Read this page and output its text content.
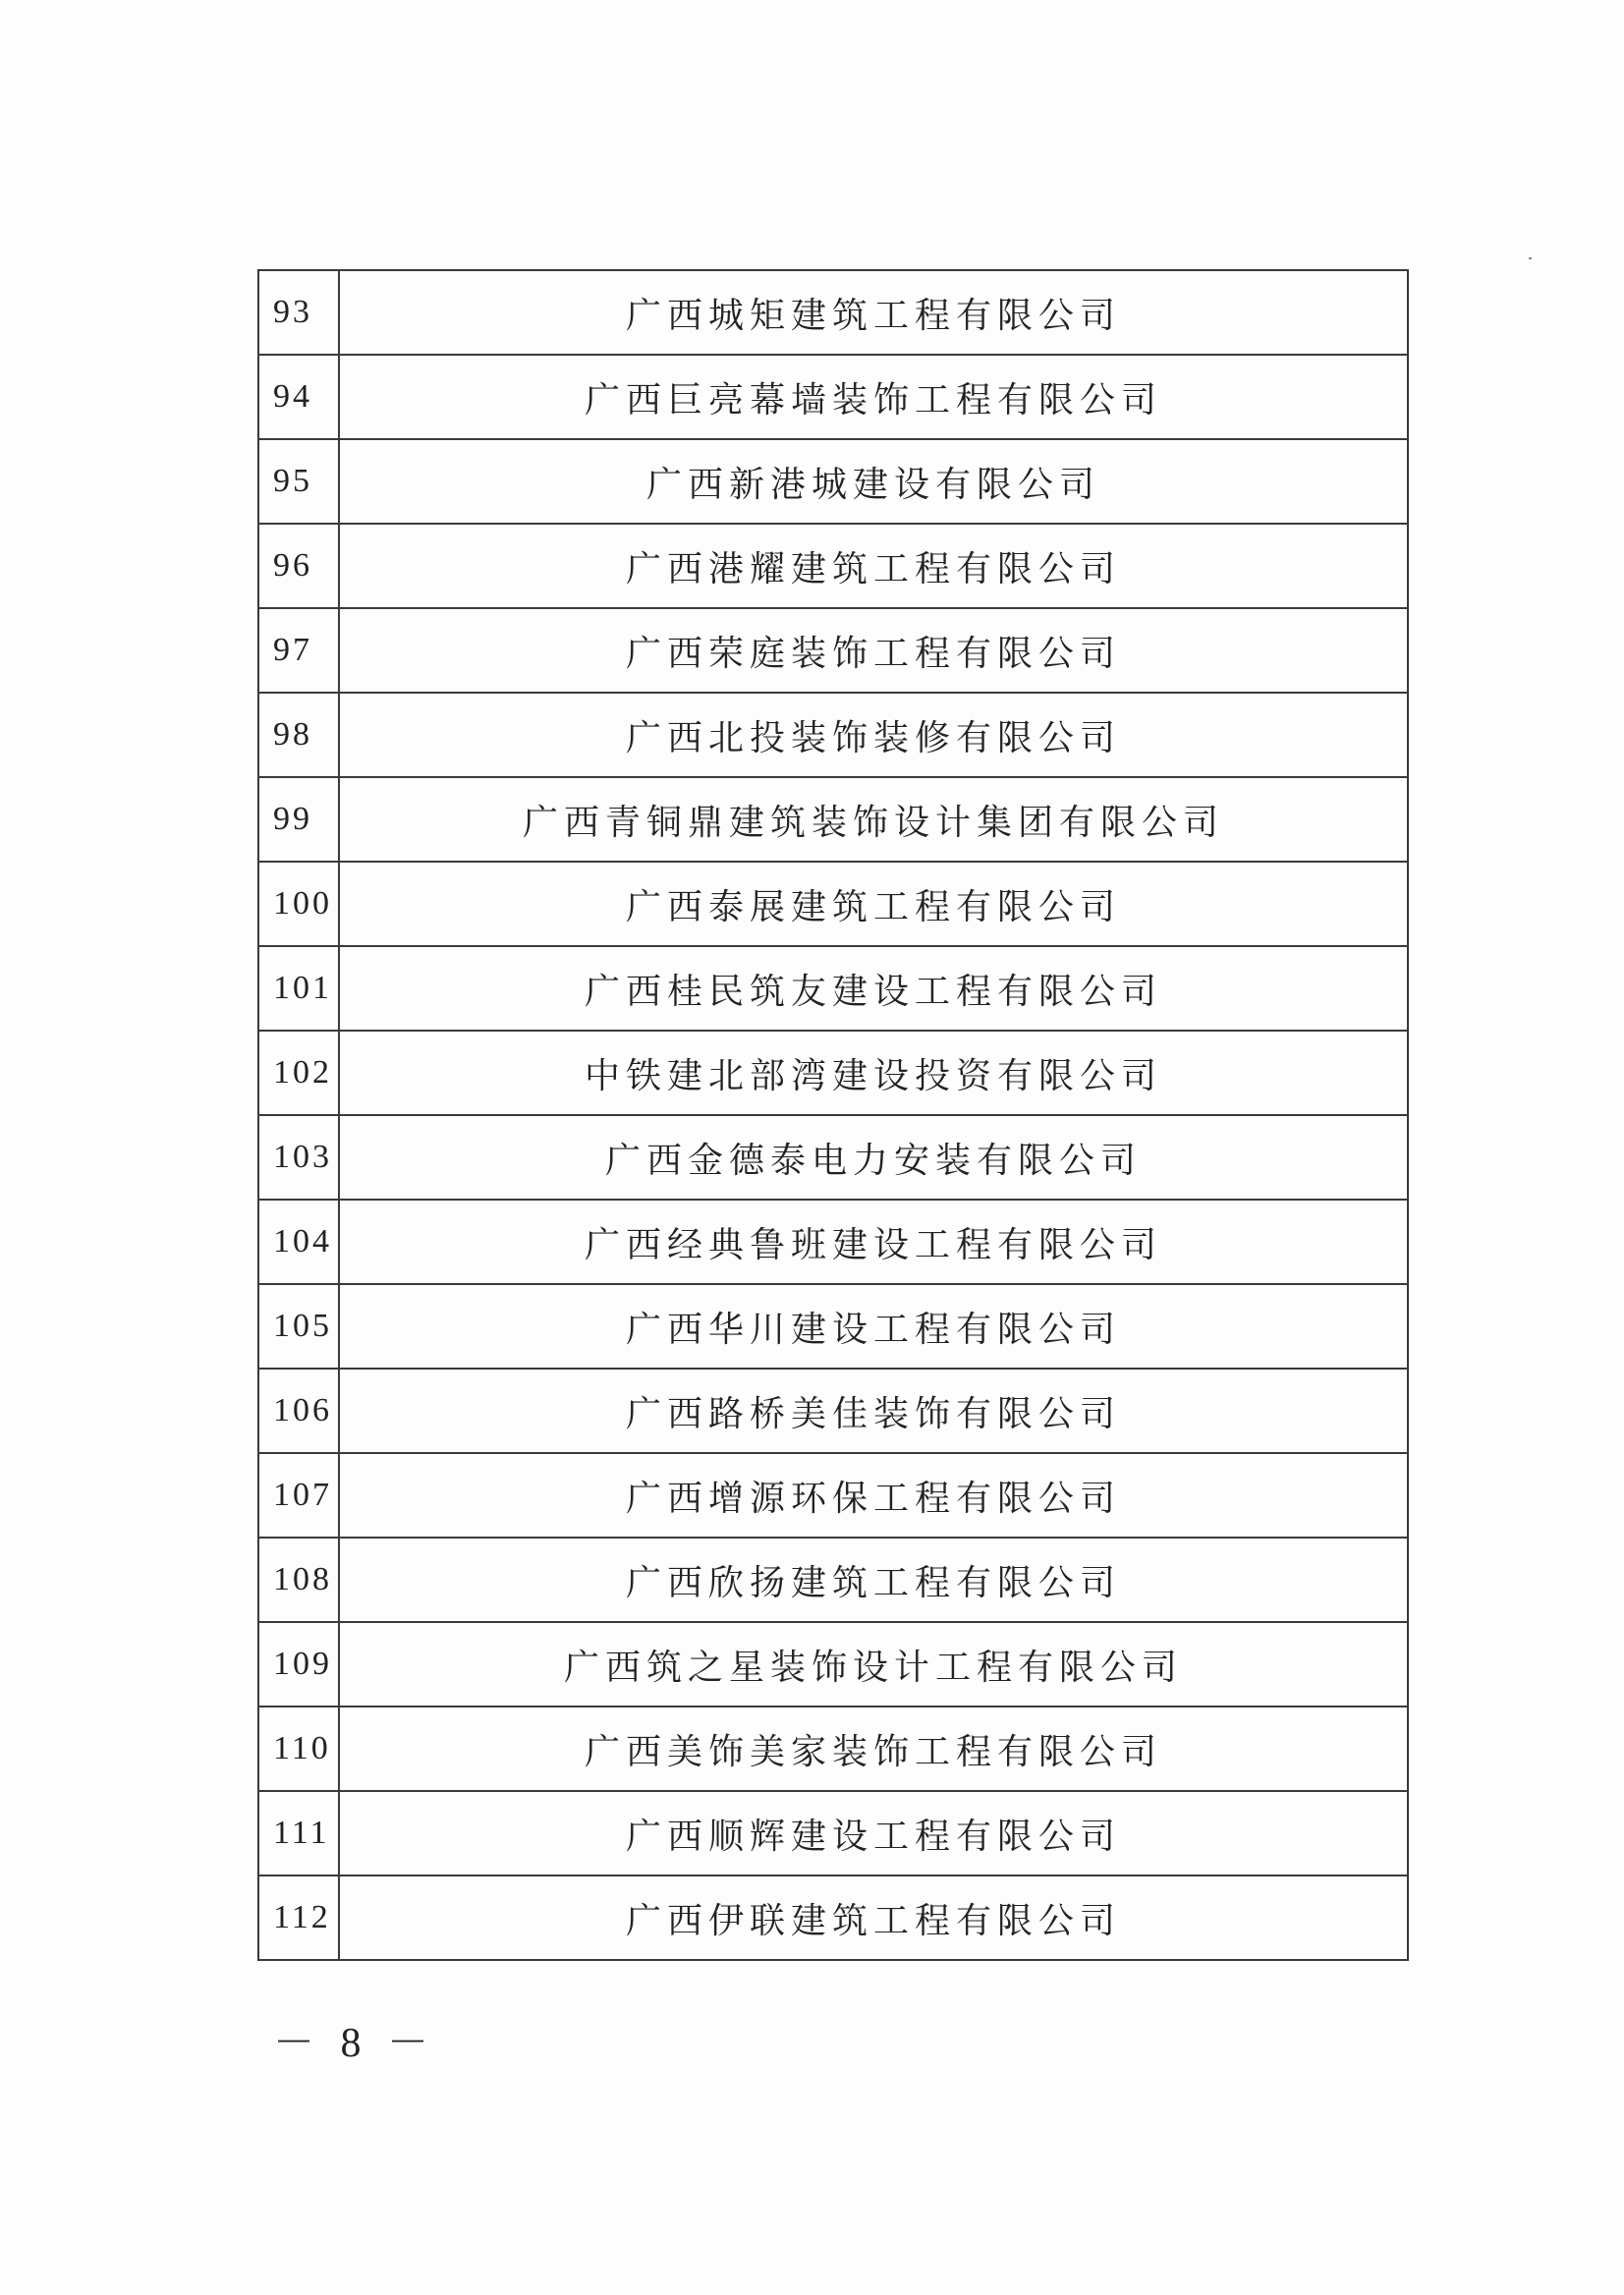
93	广西城矩建筑工程有限公司
94	广西巨亮幕墙装饰工程有限公司
95	广西新港城建设有限公司
96	广西港耀建筑工程有限公司
97	广西荣庭装饰工程有限公司
98	广西北投装饰装修有限公司
99	广西青铜鼎建筑装饰设计集团有限公司
100	广西泰展建筑工程有限公司
101	广西桂民筑友建设工程有限公司
102	中铁建北部湾建设投资有限公司
103	广西金德泰电力安装有限公司
104	广西经典鲁班建设工程有限公司
105	广西华川建设工程有限公司
106	广西路桥美佳装饰有限公司
107	广西增源环保工程有限公司
108	广西欣扬建筑工程有限公司
109	广西筑之星装饰设计工程有限公司
110	广西美饰美家装饰工程有限公司
111	广西顺辉建设工程有限公司
112	广西伊联建筑工程有限公司
－ 8 －
